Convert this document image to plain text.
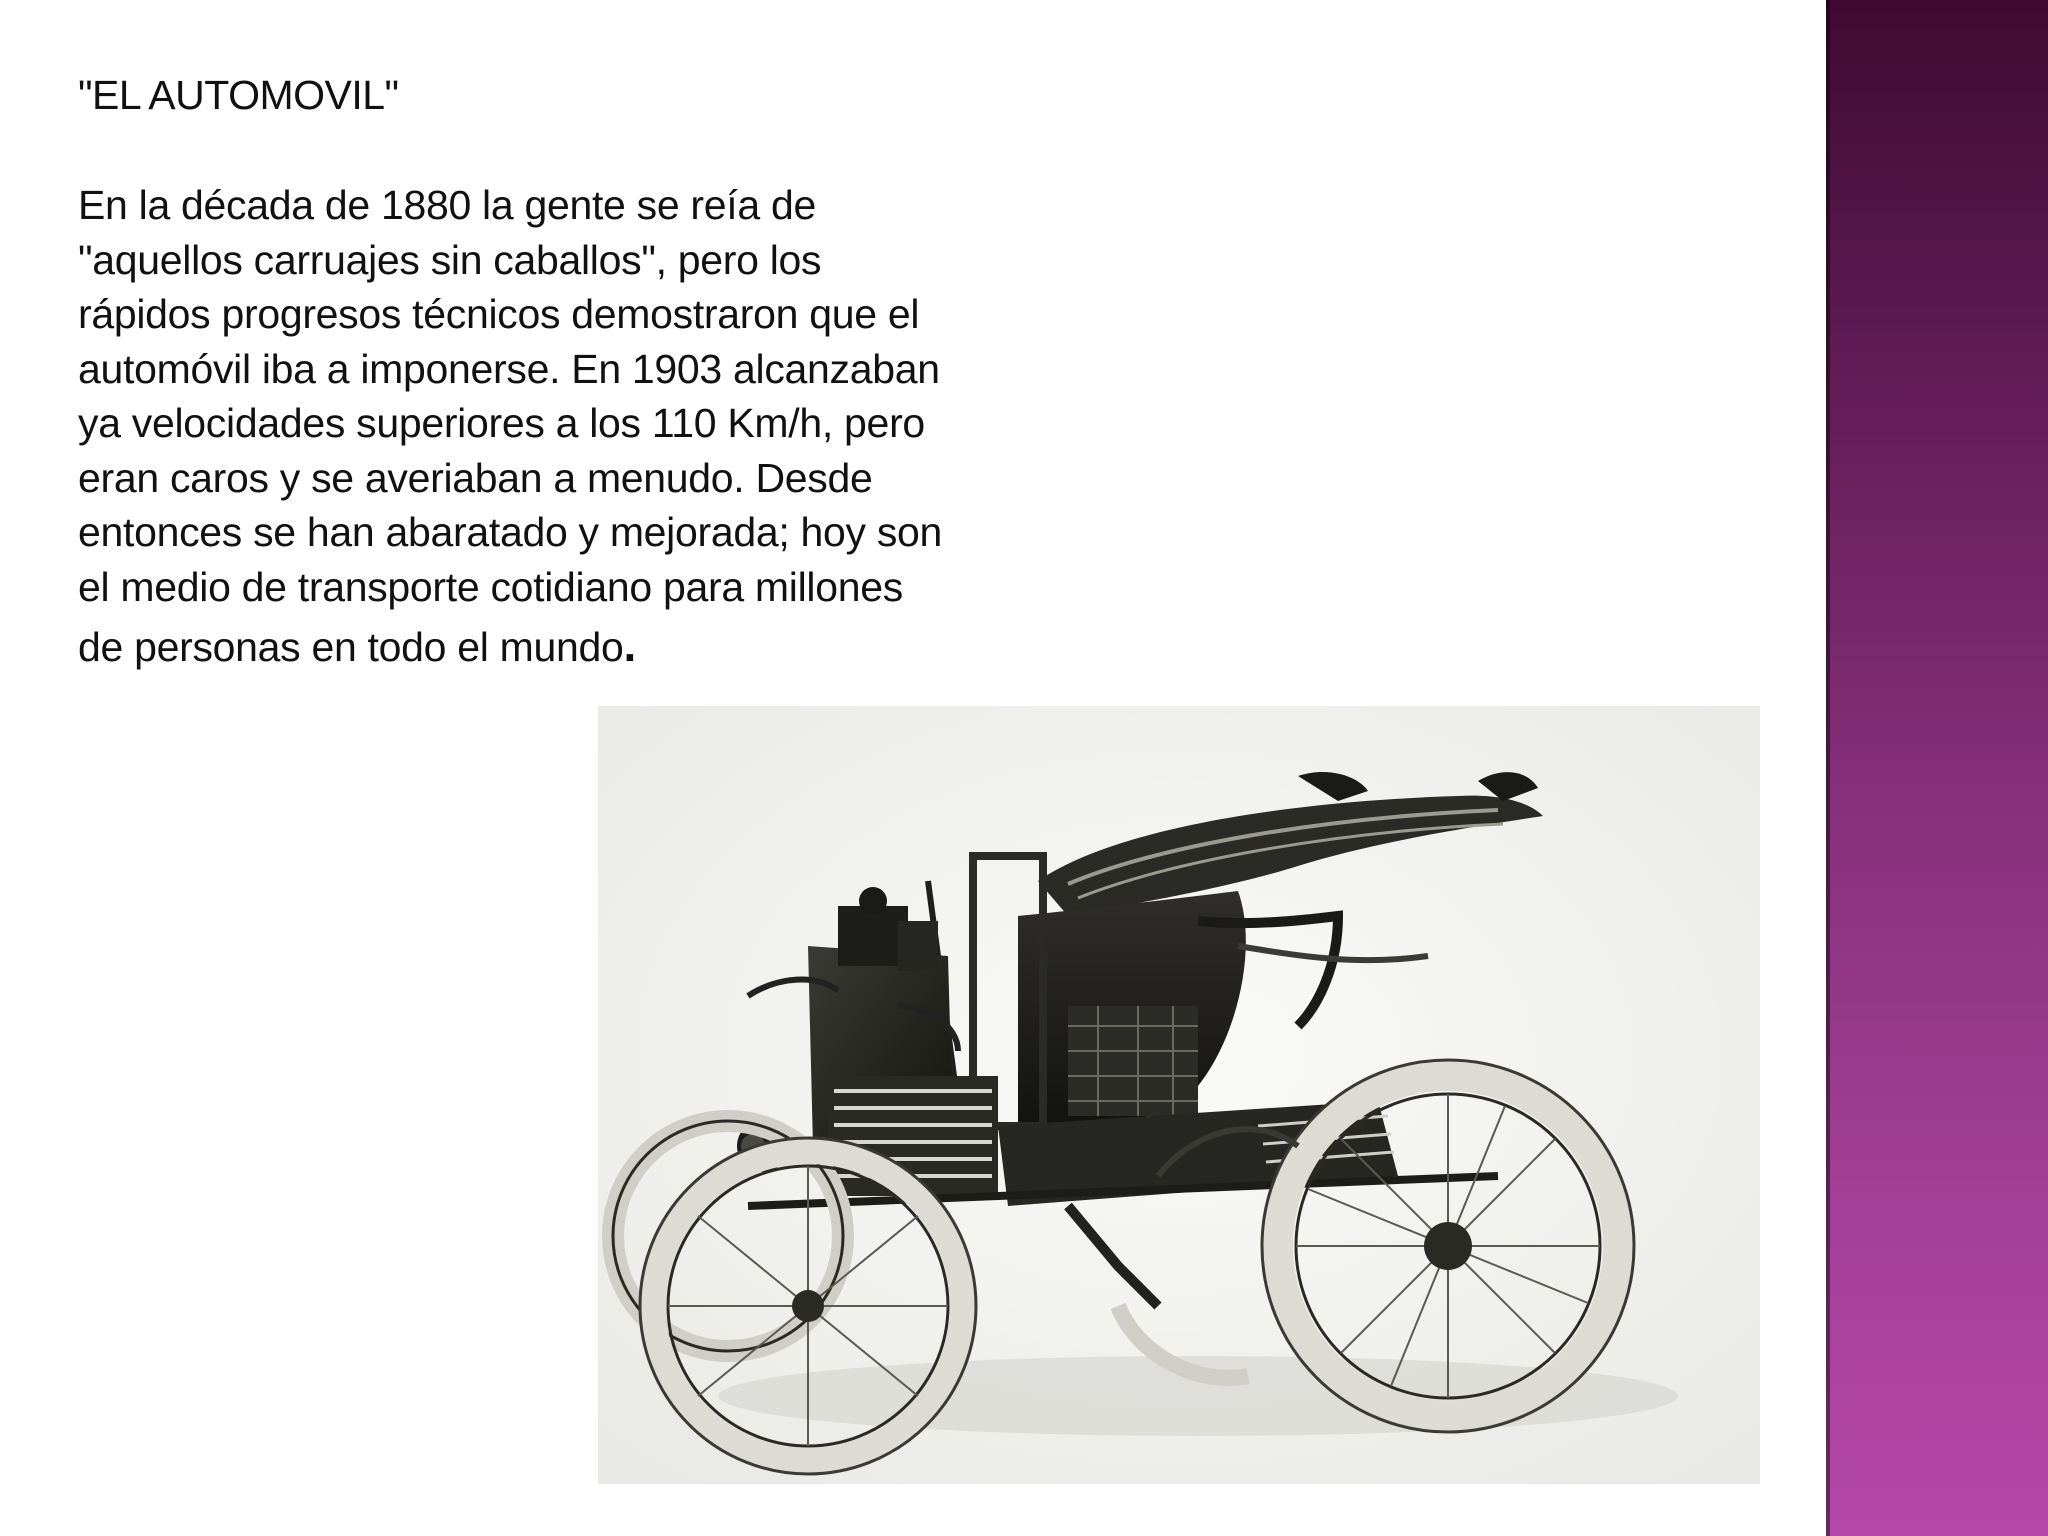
"EL AUTOMOVIL"

En la década de 1880 la gente se reía de
"aquellos carruajes sin caballos", pero los
rápidos progresos técnicos demostraron que el
automóvil iba a imponerse. En 1903 alcanzaban
ya velocidades superiores a los 110 Km/h, pero
eran caros y se averiaban a menudo. Desde
entonces se han abaratado y mejorada; hoy son
el medio de transporte cotidiano para millones
de personas en todo el mundo.
